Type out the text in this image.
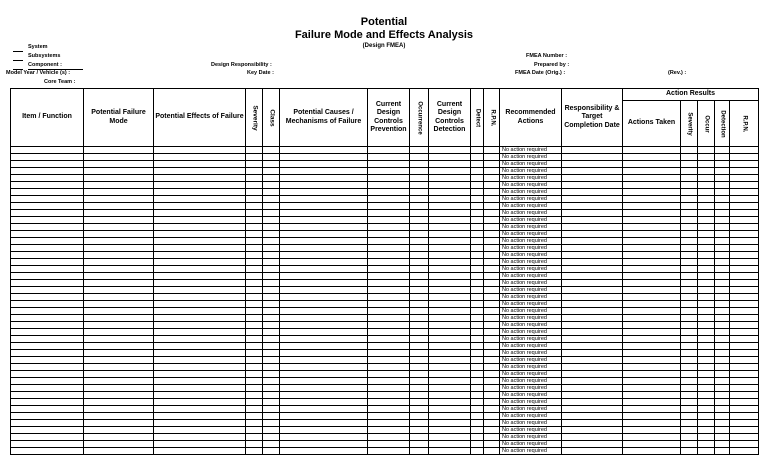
Potential
Failure Mode and Effects Analysis
(Design FMEA)
System
Subsystems
Component :
Model Year / Vehicle (s) :
Core Team :
Design Responsibility :
Key Date :
FMEA Number :
Prepared by :
FMEA Date (Orig.) :	(Rev.) :
Item / Function	Potential Failure Mode	Potential Effects of Failure	Severity	Class	Potential Causes / Mechanisms of Failure	Current Design Controls Prevention	Occurrence	Current Design Controls Detection	Detect	R.P.N.	Recommended Actions	Responsibility & Target Completion Date	Action Results				
													Actions Taken	Severity	Occur	Detection	R.P.N.

											No action required						
											No action required						
											No action required						
											No action required						
											No action required						
											No action required						
											No action required						
											No action required						
											No action required						
											No action required						
											No action required						
											No action required						
											No action required						
											No action required						
											No action required						
											No action required						
											No action required						
											No action required						
											No action required						
											No action required						
											No action required						
											No action required						
											No action required						
											No action required						
											No action required						
											No action required						
											No action required						
											No action required						
											No action required						
											No action required						
											No action required						
											No action required						
											No action required						
											No action required						
											No action required						
											No action required						
											No action required						
											No action required						
											No action required						
											No action required						
											No action required						
											No action required						
											No action required						
											No action required						
